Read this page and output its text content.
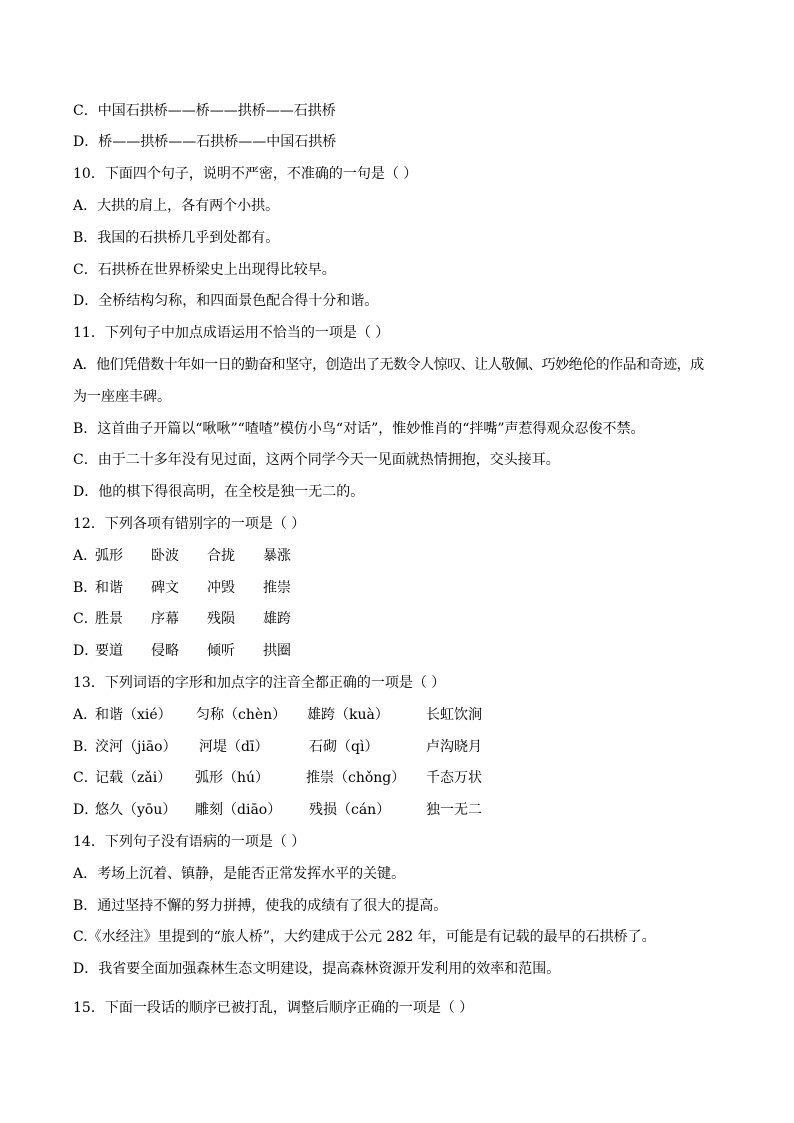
C．中国石拱桥——桥——拱桥——石拱桥
D．桥——拱桥——石拱桥——中国石拱桥
10．下面四个句子，说明不严密，不准确的一句是（ ）
A．大拱的肩上，各有两个小拱。
B．我国的石拱桥几乎到处都有。
C．石拱桥在世界桥梁史上出现得比较早。
D．全桥结构匀称，和四面景色配合得十分和谐。
11．下列句子中加点成语运用不恰当的一项是（ ）
A．他们凭借数十年如一日的勤奋和坚守，创造出了无数令人惊叹、让人敬佩、巧妙绝伦的作品和奇迹，成
为一座座丰碑。
B．这首曲子开篇以“啾啾”“喳喳”模仿小鸟“对话”，惟妙惟肖的“拌嘴”声惹得观众忍俊不禁。
C．由于二十多年没有见过面，这两个同学今天一见面就热情拥抱，交头接耳。
D．他的棋下得很高明，在全校是独一无二的。
12．下列各项有错别字的一项是（ ）
A．
弧形 卧波 合拢 暴涨
B．
和谐 碑文 冲毁 推崇
C．
胜景 序幕 残陨 雄跨
D．
要道 侵略 倾听 拱圈
13．下列词语的字形和加点字的注音全都正确的一项是（ ）
A．
和谐（xié） 匀称（chèn） 雄跨（kuà）	长虹饮涧
B．
洨河（jiāo） 河堤（dī）	石砌（qì）	卢沟晓月
C．
记载（zǎi） 弧形（hú）	推崇（chǒng） 千态万状
D．
悠久（yōu） 雕刻（diāo） 残损（cán）	独一无二
14．下列句子没有语病的一项是（ ）
A．考场上沉着、镇静，是能否正常发挥水平的关键。
B．通过坚持不懈的努力拼搏，使我的成绩有了很大的提高。
C.《水经注》里提到的“旅人桥”，大约建成于公元 282 年，可能是有记载的最早的石拱桥了。
D．我省要全面加强森林生态文明建设，提高森林资源开发利用的效率和范围。
15．下面一段话的顺序已被打乱，调整后顺序正确的一项是（ ）
